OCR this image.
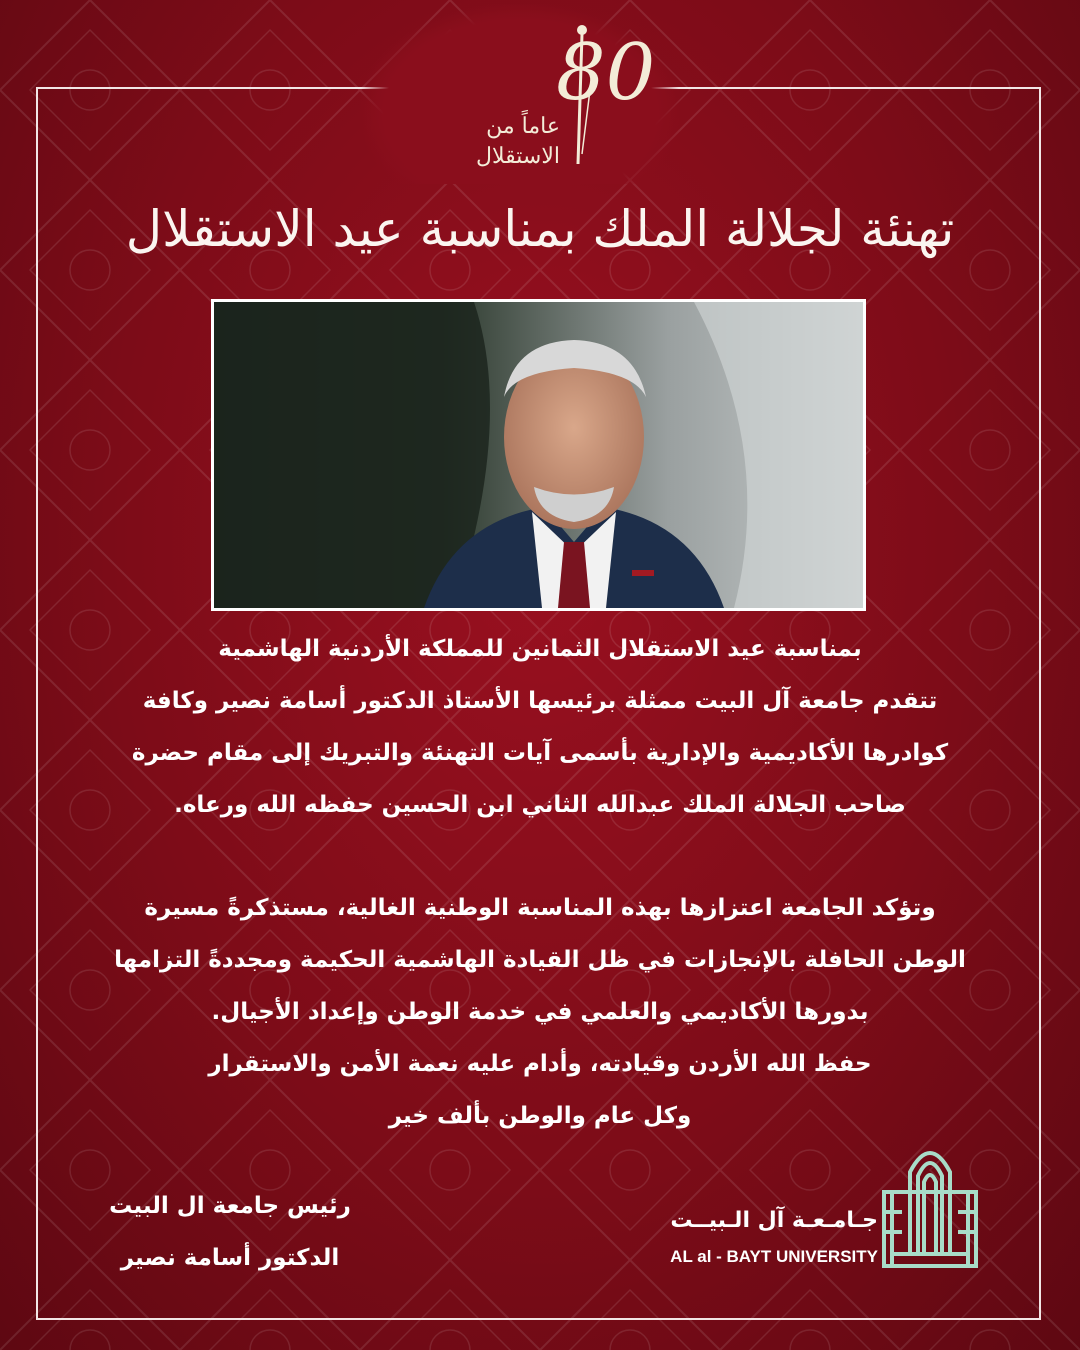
80
عاماً من
الاستقلال
تهنئة لجلالة الملك بمناسبة عيد الاستقلال

بمناسبة عيد الاستقلال الثمانين للمملكة الأردنية الهاشمية

تتقدم جامعة آل البيت ممثلة برئيسها الأستاذ الدكتور أسامة نصير وكافة

كوادرها الأكاديمية والإدارية بأسمى آيات التهنئة والتبريك إلى مقام حضرة

صاحب الجلالة الملك عبدالله الثاني ابن الحسين حفظه الله ورعاه.

وتؤكد الجامعة اعتزازها بهذه المناسبة الوطنية الغالية، مستذكرةً مسيرة

الوطن الحافلة بالإنجازات في ظل القيادة الهاشمية الحكيمة ومجددةً التزامها

بدورها الأكاديمي والعلمي في خدمة الوطن وإعداد الأجيال.

حفظ الله الأردن وقيادته، وأدام عليه نعمة الأمن والاستقرار

وكل عام والوطن بألف خير

رئيس جامعة ال البيت

الدكتور أسامة نصير

جـامـعـة آل الـبيــت
AL al - BAYT UNIVERSITY
